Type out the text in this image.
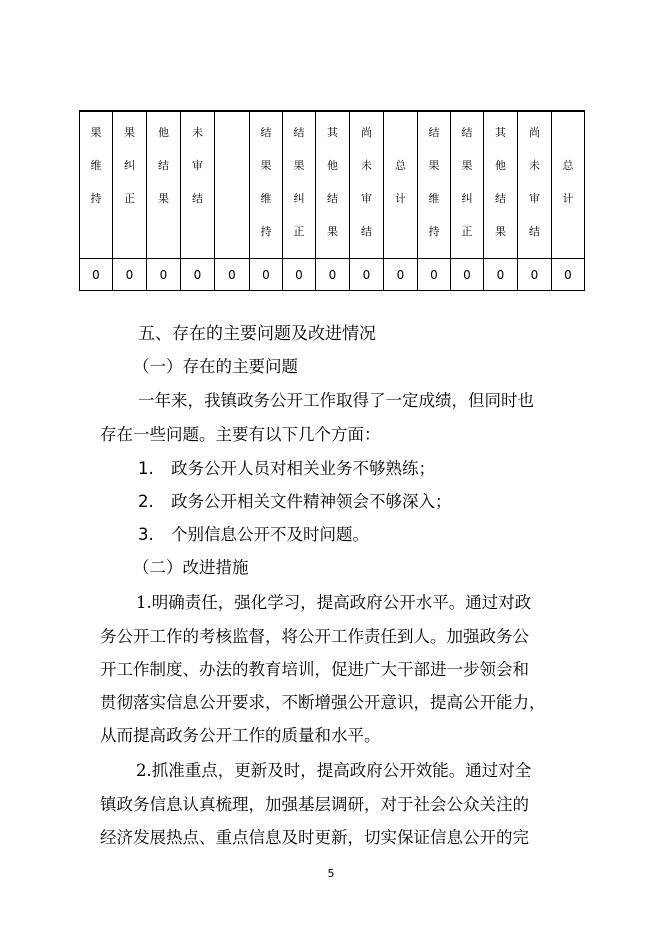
果
维
持	果
纠
正	他
结
果	未
审
结		结
果
维
持	结
果
纠
正	其
他
结
果	尚
未
审
结	总
计	结
果
维
持	结
果
纠
正	其
他
结
果	尚
未
审
结	总
计

0	0	0	0	0	0	0	0	0	0	0	0	0	0	0
五、存在的主要问题及改进情况
（一）存在的主要问题
一年来，我镇政务公开工作取得了一定成绩，但同时也
存在一些问题。主要有以下几个方面：
1. 政务公开人员对相关业务不够熟练；
2. 政务公开相关文件精神领会不够深入；
3. 个别信息公开不及时问题。
（二）改进措施
1.明确责任，强化学习，提高政府公开水平。通过对政
务公开工作的考核监督，将公开工作责任到人。加强政务公
开工作制度、办法的教育培训，促进广大干部进一步领会和
贯彻落实信息公开要求，不断增强公开意识，提高公开能力，
从而提高政务公开工作的质量和水平。
2.抓准重点，更新及时，提高政府公开效能。通过对全
镇政务信息认真梳理，加强基层调研，对于社会公众关注的
经济发展热点、重点信息及时更新，切实保证信息公开的完
5
